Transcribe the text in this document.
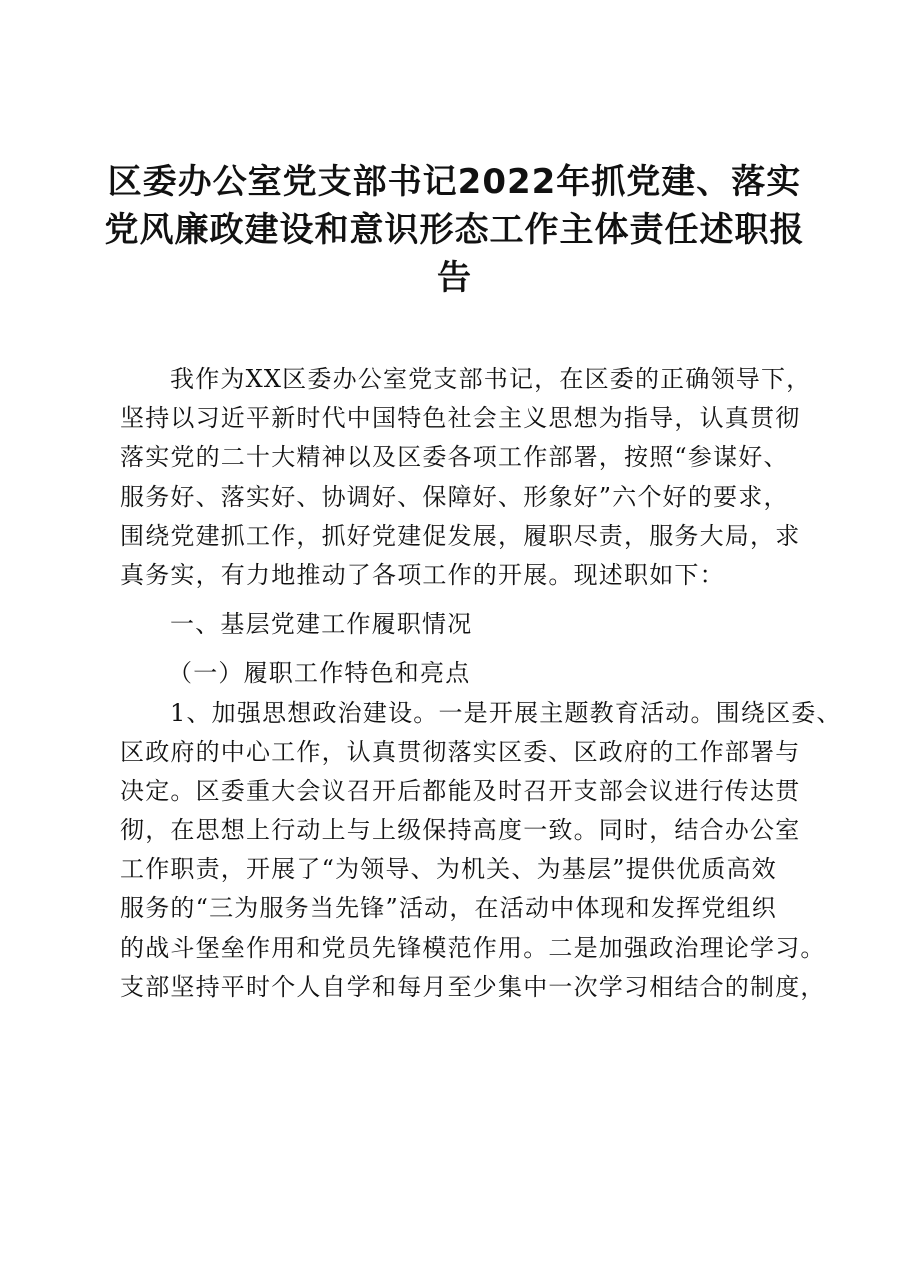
区委办公室党支部书记2022年抓党建、落实
党风廉政建设和意识形态工作主体责任述职报
告
我作为XX区委办公室党支部书记，在区委的正确领导下，
坚持以习近平新时代中国特色社会主义思想为指导，认真贯彻
落实党的二十大精神以及区委各项工作部署，按照“参谋好、
服务好、落实好、协调好、保障好、形象好”六个好的要求，
围绕党建抓工作，抓好党建促发展，履职尽责，服务大局，求
真务实，有力地推动了各项工作的开展。现述职如下：
一、基层党建工作履职情况
（一）履职工作特色和亮点
1、加强思想政治建设。一是开展主题教育活动。围绕区委、
区政府的中心工作，认真贯彻落实区委、区政府的工作部署与
决定。区委重大会议召开后都能及时召开支部会议进行传达贯
彻，在思想上行动上与上级保持高度一致。同时，结合办公室
工作职责，开展了“为领导、为机关、为基层”提供优质高效
服务的“三为服务当先锋”活动，在活动中体现和发挥党组织
的战斗堡垒作用和党员先锋模范作用。二是加强政治理论学习。
支部坚持平时个人自学和每月至少集中一次学习相结合的制度，
